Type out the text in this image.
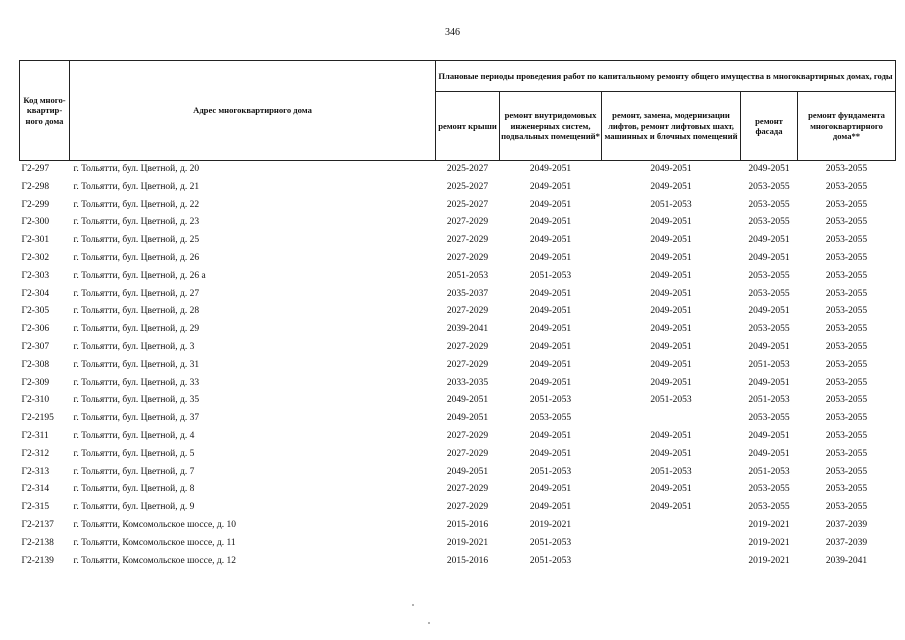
346
Код много-квартир-ного дома	Адрес многоквартирного дома	Плановые периоды проведения работ по капитальному ремонту общего имущества в многоквартирных домах, годы				
		ремонт крыши	ремонт внутридомовых инженерных систем, подвальных помещений*	ремонт, замена, модернизации лифтов, ремонт лифтовых шахт, машинных и блочных помещений	ремонт фасада	ремонт фундамента многоквартирного дома**
Г2-297	г. Тольятти, бул. Цветной, д. 20	2025-2027	2049-2051	2049-2051	2049-2051	2053-2055
Г2-298	г. Тольятти, бул. Цветной, д. 21	2025-2027	2049-2051	2049-2051	2053-2055	2053-2055
Г2-299	г. Тольятти, бул. Цветной, д. 22	2025-2027	2049-2051	2051-2053	2053-2055	2053-2055
Г2-300	г. Тольятти, бул. Цветной, д. 23	2027-2029	2049-2051	2049-2051	2053-2055	2053-2055
Г2-301	г. Тольятти, бул. Цветной, д. 25	2027-2029	2049-2051	2049-2051	2049-2051	2053-2055
Г2-302	г. Тольятти, бул. Цветной, д. 26	2027-2029	2049-2051	2049-2051	2049-2051	2053-2055
Г2-303	г. Тольятти, бул. Цветной, д. 26 а	2051-2053	2051-2053	2049-2051	2053-2055	2053-2055
Г2-304	г. Тольятти, бул. Цветной, д. 27	2035-2037	2049-2051	2049-2051	2053-2055	2053-2055
Г2-305	г. Тольятти, бул. Цветной, д. 28	2027-2029	2049-2051	2049-2051	2049-2051	2053-2055
Г2-306	г. Тольятти, бул. Цветной, д. 29	2039-2041	2049-2051	2049-2051	2053-2055	2053-2055
Г2-307	г. Тольятти, бул. Цветной, д. 3	2027-2029	2049-2051	2049-2051	2049-2051	2053-2055
Г2-308	г. Тольятти, бул. Цветной, д. 31	2027-2029	2049-2051	2049-2051	2051-2053	2053-2055
Г2-309	г. Тольятти, бул. Цветной, д. 33	2033-2035	2049-2051	2049-2051	2049-2051	2053-2055
Г2-310	г. Тольятти, бул. Цветной, д. 35	2049-2051	2051-2053	2051-2053	2051-2053	2053-2055
Г2-2195	г. Тольятти, бул. Цветной, д. 37	2049-2051	2053-2055		2053-2055	2053-2055
Г2-311	г. Тольятти, бул. Цветной, д. 4	2027-2029	2049-2051	2049-2051	2049-2051	2053-2055
Г2-312	г. Тольятти, бул. Цветной, д. 5	2027-2029	2049-2051	2049-2051	2049-2051	2053-2055
Г2-313	г. Тольятти, бул. Цветной, д. 7	2049-2051	2051-2053	2051-2053	2051-2053	2053-2055
Г2-314	г. Тольятти, бул. Цветной, д. 8	2027-2029	2049-2051	2049-2051	2053-2055	2053-2055
Г2-315	г. Тольятти, бул. Цветной, д. 9	2027-2029	2049-2051	2049-2051	2053-2055	2053-2055
Г2-2137	г. Тольятти, Комсомольское шоссе, д. 10	2015-2016	2019-2021		2019-2021	2037-2039
Г2-2138	г. Тольятти, Комсомольское шоссе, д. 11	2019-2021	2051-2053		2019-2021	2037-2039
Г2-2139	г. Тольятти, Комсомольское шоссе, д. 12	2015-2016	2051-2053		2019-2021	2039-2041
